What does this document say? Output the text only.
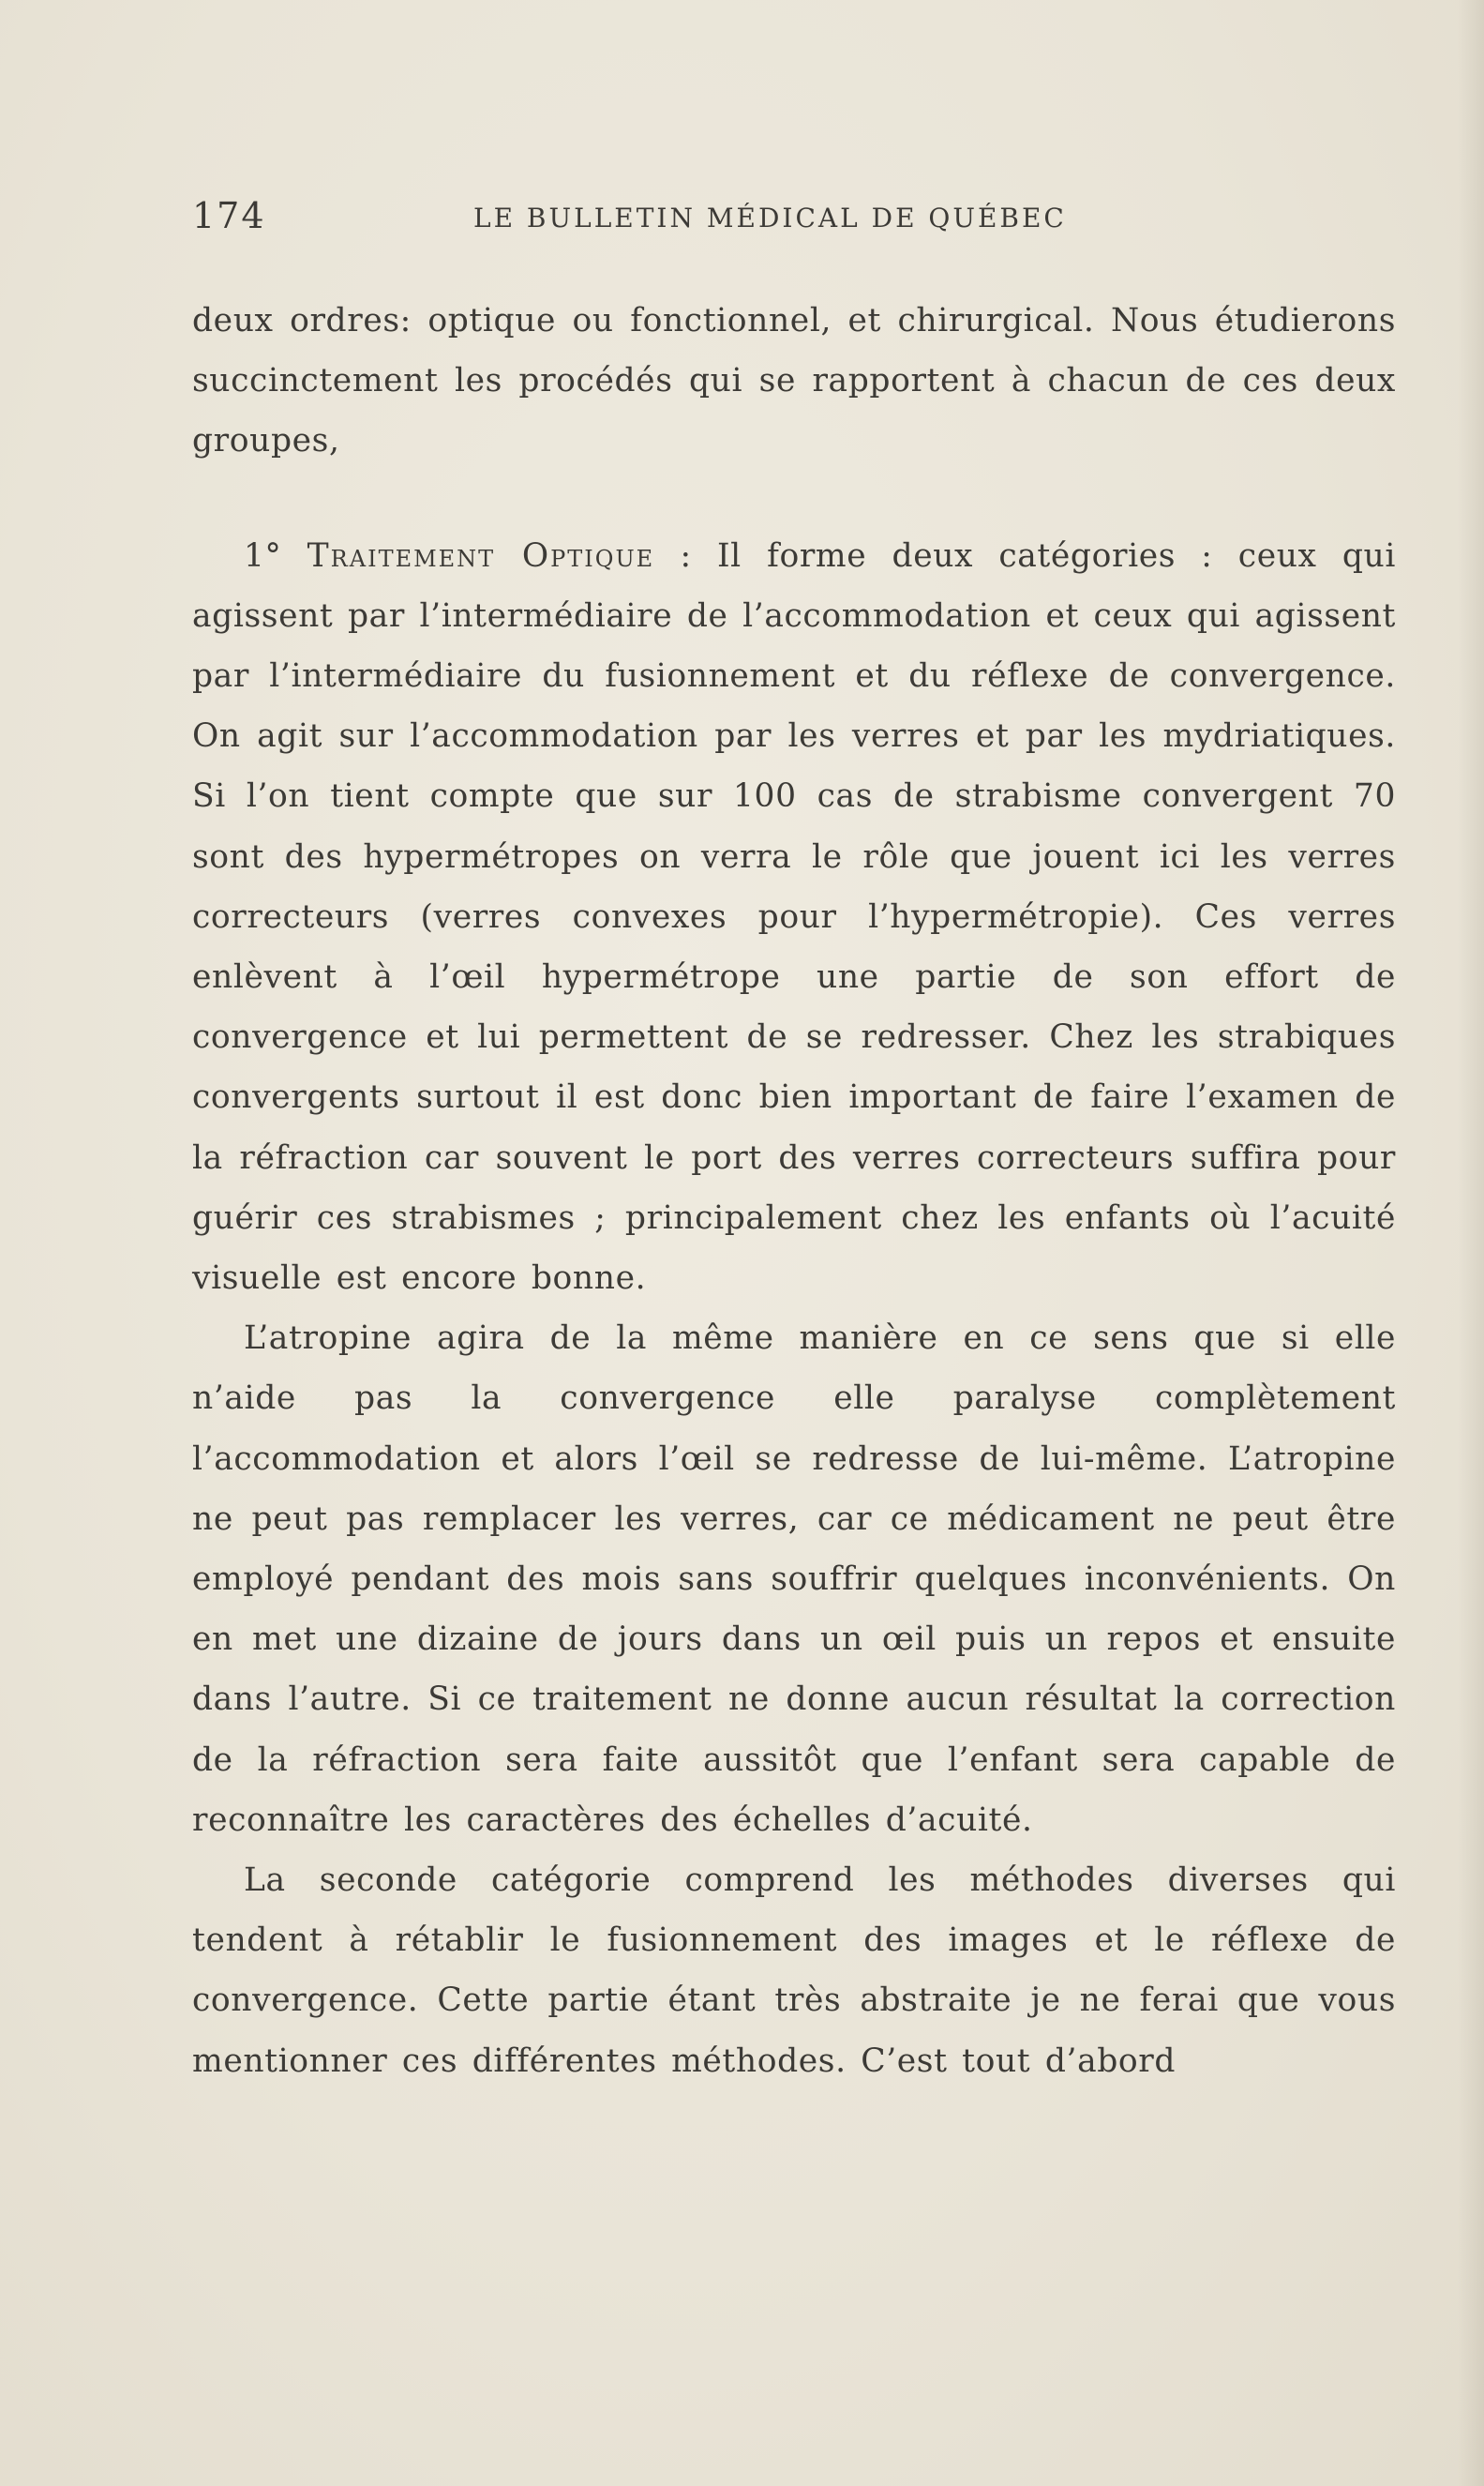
174	LE BULLETIN MÉDICAL DE QUÉBEC

deux ordres: optique ou fonctionnel, et chirurgical. Nous étudierons succinctement les procédés qui se rapportent à chacun de ces deux groupes,

1° Traitement Optique : Il forme deux catégories : ceux qui agissent par l’intermédiaire de l’accommodation et ceux qui agissent par l’intermédiaire du fusionnement et du réflexe de convergence. On agit sur l’accommodation par les verres et par les mydriatiques. Si l’on tient compte que sur 100 cas de strabisme convergent 70 sont des hypermétropes on verra le rôle que jouent ici les verres correcteurs (verres convexes pour l’hypermétropie). Ces verres enlèvent à l’œil hypermétrope une partie de son effort de convergence et lui permettent de se redresser. Chez les strabiques convergents surtout il est donc bien important de faire l’examen de la réfraction car souvent le port des verres correcteurs suffira pour guérir ces strabismes ; principalement chez les enfants où l’acuité visuelle est encore bonne.

L’atropine agira de la même manière en ce sens que si elle n’aide pas la convergence elle paralyse complètement l’accommodation et alors l’œil se redresse de lui-même. L’atropine ne peut pas remplacer les verres, car ce médicament ne peut être employé pendant des mois sans souffrir quelques inconvénients. On en met une dizaine de jours dans un œil puis un repos et ensuite dans l’autre. Si ce traitement ne donne aucun résultat la correction de la réfraction sera faite aussitôt que l’enfant sera capable de reconnaître les caractères des échelles d’acuité.

La seconde catégorie comprend les méthodes diverses qui tendent à rétablir le fusionnement des images et le réflexe de convergence. Cette partie étant très abstraite je ne ferai que vous mentionner ces différentes méthodes. C’est tout d’abord
